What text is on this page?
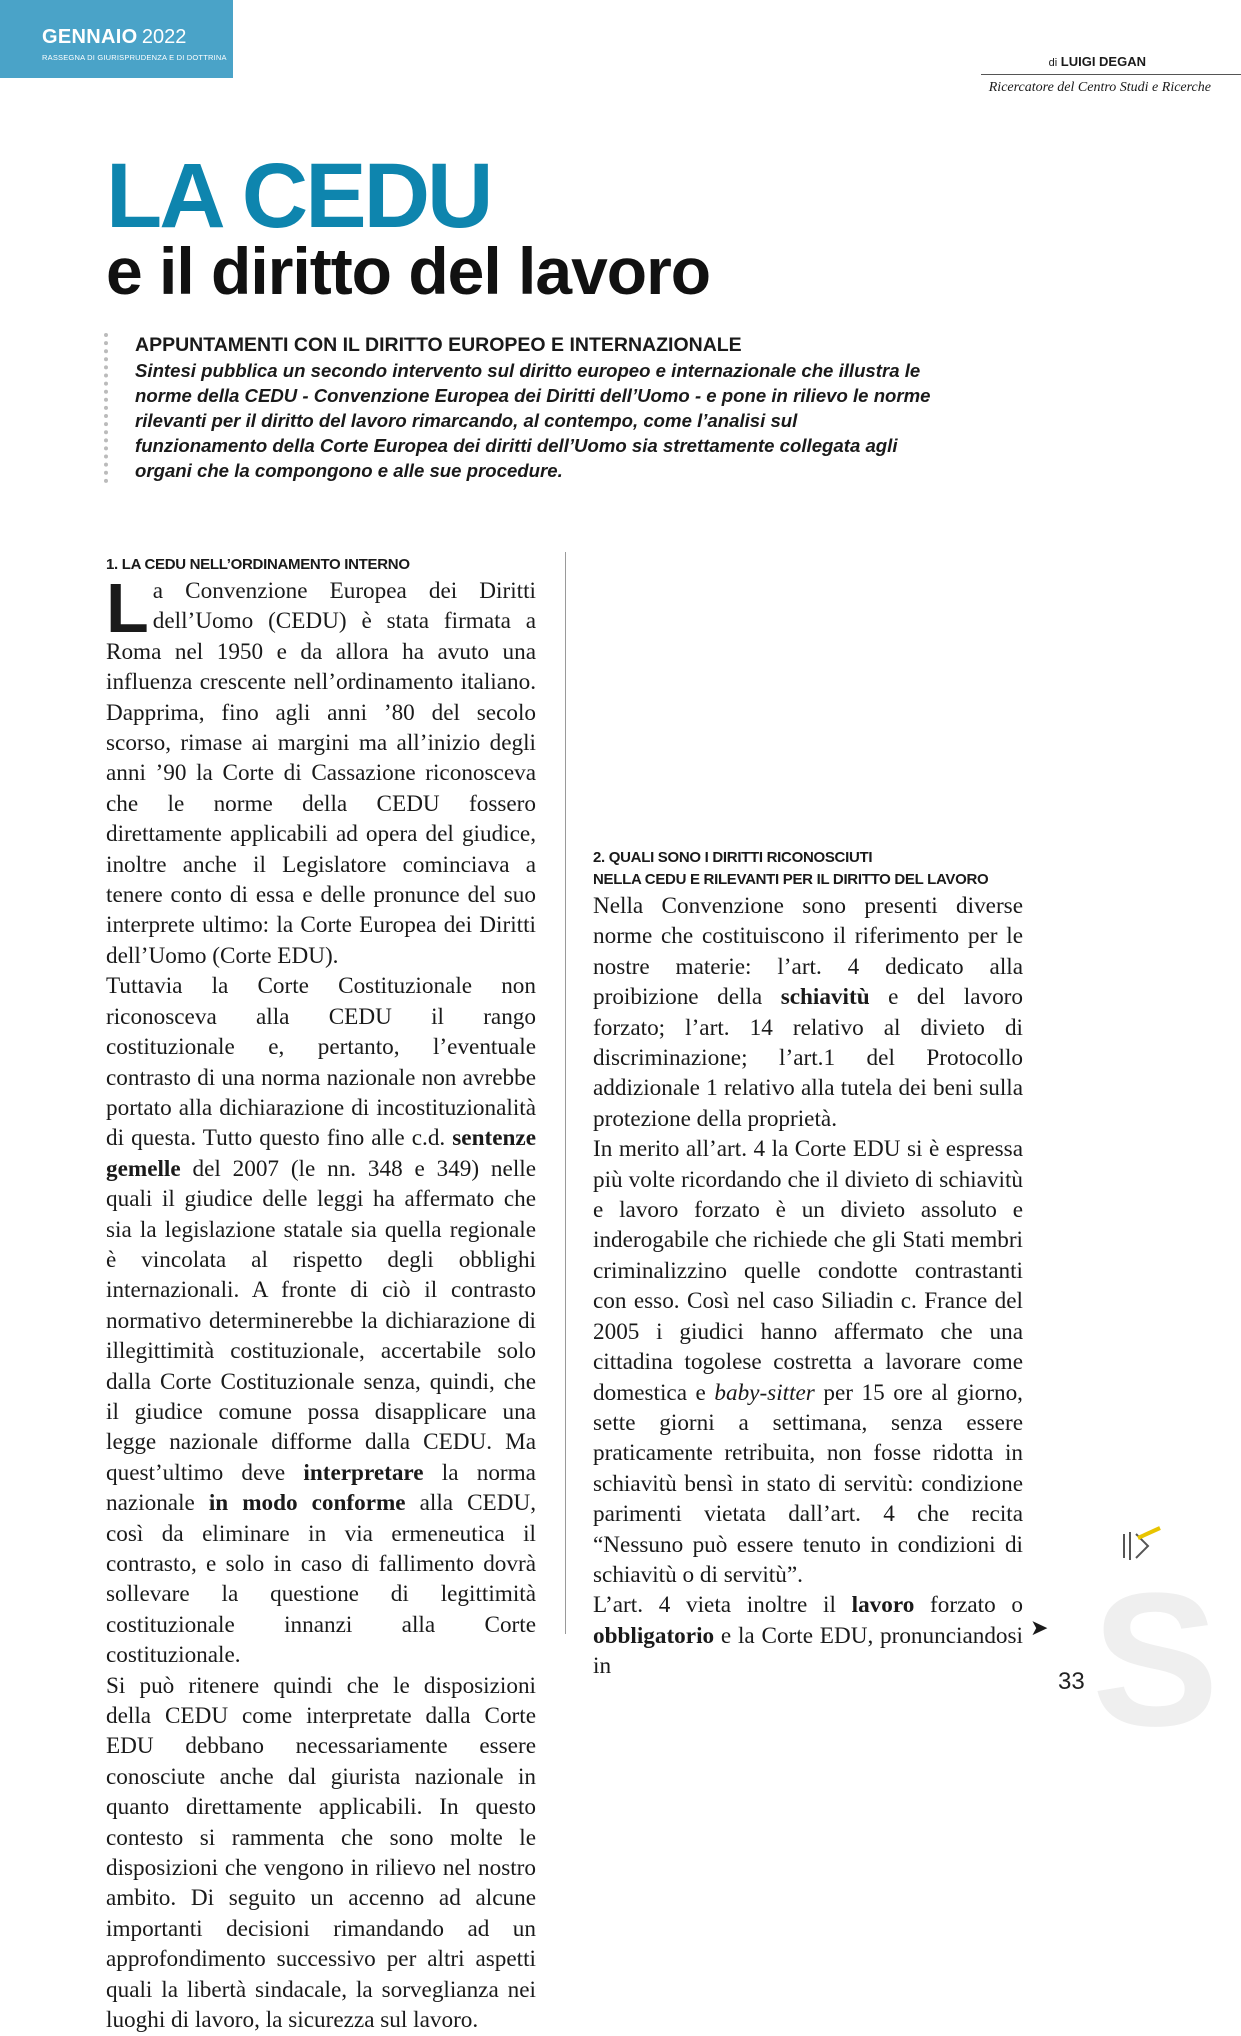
GENNAIO 2022
RASSEGNA DI GIURISPRUDENZA E DI DOTTRINA	di LUIGI DEGAN
Ricercatore del Centro Studi e Ricerche
LA CEDU
e il diritto del lavoro
APPUNTAMENTI CON IL DIRITTO EUROPEO E INTERNAZIONALE
Sintesi pubblica un secondo intervento sul diritto europeo e internazionale che illustra le norme della CEDU - Convenzione Europea dei Diritti dell’Uomo - e pone in rilievo le norme rilevanti per il diritto del lavoro rimarcando, al contempo, come l’analisi sul funzionamento della Corte Europea dei diritti dell’Uomo sia strettamente collegata agli organi che la compongono e alle sue procedure.
1. LA CEDU NELL’ORDINAMENTO INTERNO

La Convenzione Europea dei Diritti dell’Uomo (CEDU) è stata firmata a Roma nel 1950 e da allora ha avuto una influenza crescente nell’ordinamento italiano. Dapprima, fino agli anni ’80 del secolo scorso, rimase ai margini ma all’inizio degli anni ’90 la Corte di Cassazione riconosceva che le norme della CEDU fossero direttamente applicabili ad opera del giudice, inoltre anche il Legislatore cominciava a tenere conto di essa e delle pronunce del suo interprete ultimo: la Corte Europea dei Diritti dell’Uomo (Corte EDU).

Tuttavia la Corte Costituzionale non riconosceva alla CEDU il rango costituzionale e, pertanto, l’eventuale contrasto di una norma nazionale non avrebbe portato alla dichiarazione di incostituzionalità di questa. Tutto questo fino alle c.d. sentenze gemelle del 2007 (le nn. 348 e 349) nelle quali il giudice delle leggi ha affermato che sia la legislazione statale sia quella regionale è vincolata al rispetto degli obblighi internazionali. A fronte di ciò il contrasto normativo determinerebbe la dichiarazione di illegittimità costituzionale, accertabile solo dalla Corte Costituzionale senza, quindi, che il giudice comune possa disapplicare una legge nazionale difforme dalla CEDU. Ma quest’ultimo deve interpretare la norma nazionale in modo conforme alla CEDU, così da eliminare in via ermeneutica il contrasto, e solo in caso di fallimento dovrà sollevare la questione di legittimità costituzionale innanzi alla Corte costituzionale.

Si può ritenere quindi che le disposizioni della CEDU come interpretate dalla Corte EDU debbano necessariamente essere conosciute anche dal giurista nazionale in quanto direttamente applicabili. In questo contesto si rammenta che sono molte le disposizioni che vengono in rilievo nel nostro ambito. Di seguito un accenno ad alcune importanti decisioni rimandando ad un approfondimento successivo per altri aspetti quali la libertà sindacale, la sorveglianza nei luoghi di lavoro, la sicurezza sul lavoro.

2. QUALI SONO I DIRITTI RICONOSCIUTI
NELLA CEDU E RILEVANTI PER IL DIRITTO DEL LAVORO

Nella Convenzione sono presenti diverse norme che costituiscono il riferimento per le nostre materie: l’art. 4 dedicato alla proibizione della schiavitù e del lavoro forzato; l’art. 14 relativo al divieto di discriminazione; l’art.1 del Protocollo addizionale 1 relativo alla tutela dei beni sulla protezione della proprietà.

In merito all’art. 4 la Corte EDU si è espressa più volte ricordando che il divieto di schiavitù e lavoro forzato è un divieto assoluto e inderogabile che richiede che gli Stati membri criminalizzino quelle condotte contrastanti con esso. Così nel caso Siliadin c. France del 2005 i giudici hanno affermato che una cittadina togolese costretta a lavorare come domestica e baby-sitter per 15 ore al giorno, sette giorni a settimana, senza essere praticamente retribuita, non fosse ridotta in schiavitù bensì in stato di servitù: condizione parimenti vietata dall’art. 4 che recita “Nessuno può essere tenuto in condizioni di schiavitù o di servitù”.

L’art. 4 vieta inoltre il lavoro forzato o obbligatorio e la Corte EDU, pronunciandosi in	S
➤
33
